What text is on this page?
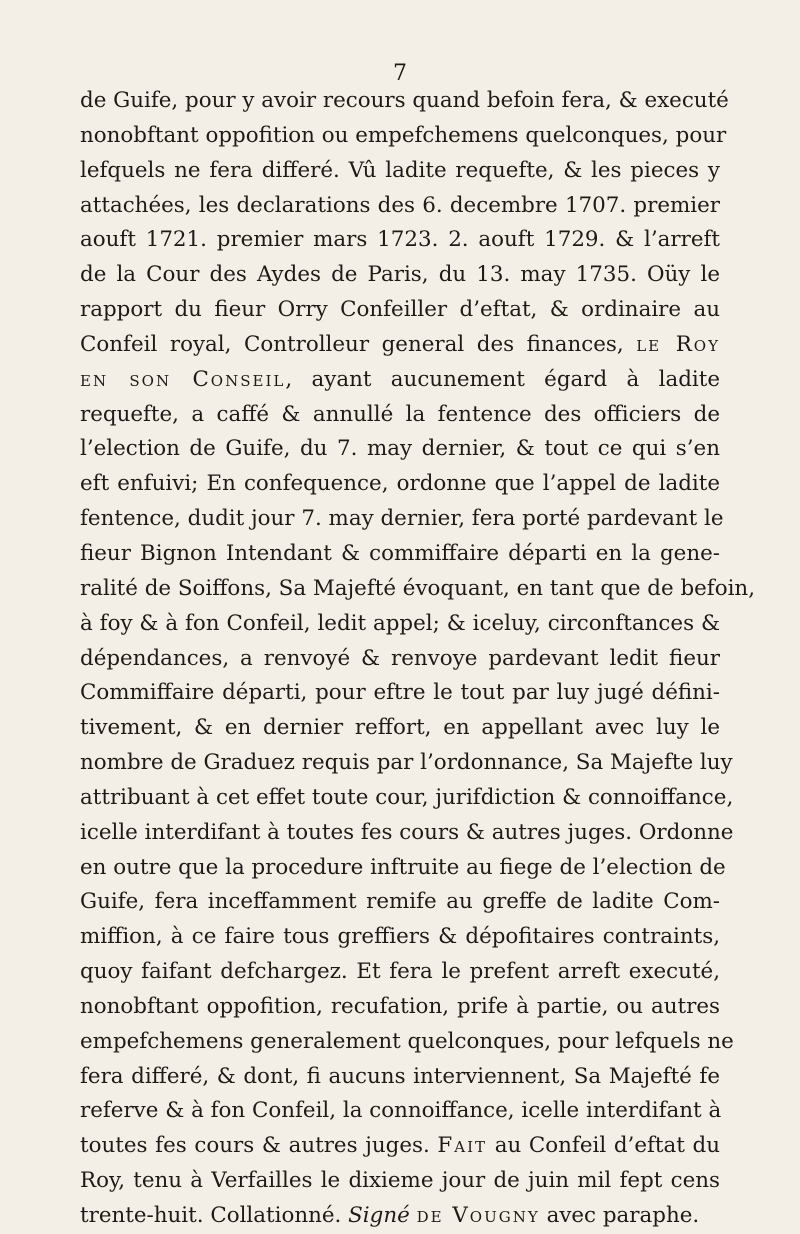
7
de Guife, pour y avoir recours quand befoin fera, & executé
nonobftant oppofition ou empefchemens quelconques, pour
lefquels ne fera differé. Vû ladite requefte, & les pieces y
attachées, les declarations des 6. decembre 1707. premier
aouft 1721. premier mars 1723. 2. aouft 1729. & l’arreft
de la Cour des Aydes de Paris, du 13. may 1735. Oüy le
rapport du fieur Orry Confeiller d’eftat, & ordinaire au
Confeil royal, Controlleur general des finances, le Roy
en son Conseil, ayant aucunement égard à ladite
requefte, a caffé & annullé la fentence des officiers de
l’election de Guife, du 7. may dernier, & tout ce qui s’en
eft enfuivi; En confequence, ordonne que l’appel de ladite
fentence, dudit jour 7. may dernier, fera porté pardevant le
fieur Bignon Intendant & commiffaire départi en la gene-
ralité de Soiffons, Sa Majefté évoquant, en tant que de befoin,
à foy & à fon Confeil, ledit appel; & iceluy, circonftances &
dépendances, a renvoyé & renvoye pardevant ledit fieur
Commiffaire départi, pour eftre le tout par luy jugé défini-
tivement, & en dernier reffort, en appellant avec luy le
nombre de Graduez requis par l’ordonnance, Sa Majefte luy
attribuant à cet effet toute cour, jurifdiction & connoiffance,
icelle interdifant à toutes fes cours & autres juges. Ordonne
en outre que la procedure inftruite au fiege de l’election de
Guife, fera inceffamment remife au greffe de ladite Com-
miffion, à ce faire tous greffiers & dépofitaires contraints,
quoy faifant defchargez. Et fera le prefent arreft executé,
nonobftant oppofition, recufation, prife à partie, ou autres
empefchemens generalement quelconques, pour lefquels ne
fera differé, & dont, fi aucuns interviennent, Sa Majefté fe
referve & à fon Confeil, la connoiffance, icelle interdifant à
toutes fes cours & autres juges. Fait au Confeil d’eftat du
Roy, tenu à Verfailles le dixieme jour de juin mil fept cens
trente-huit. Collationné. Signé de Vougny avec paraphe.
